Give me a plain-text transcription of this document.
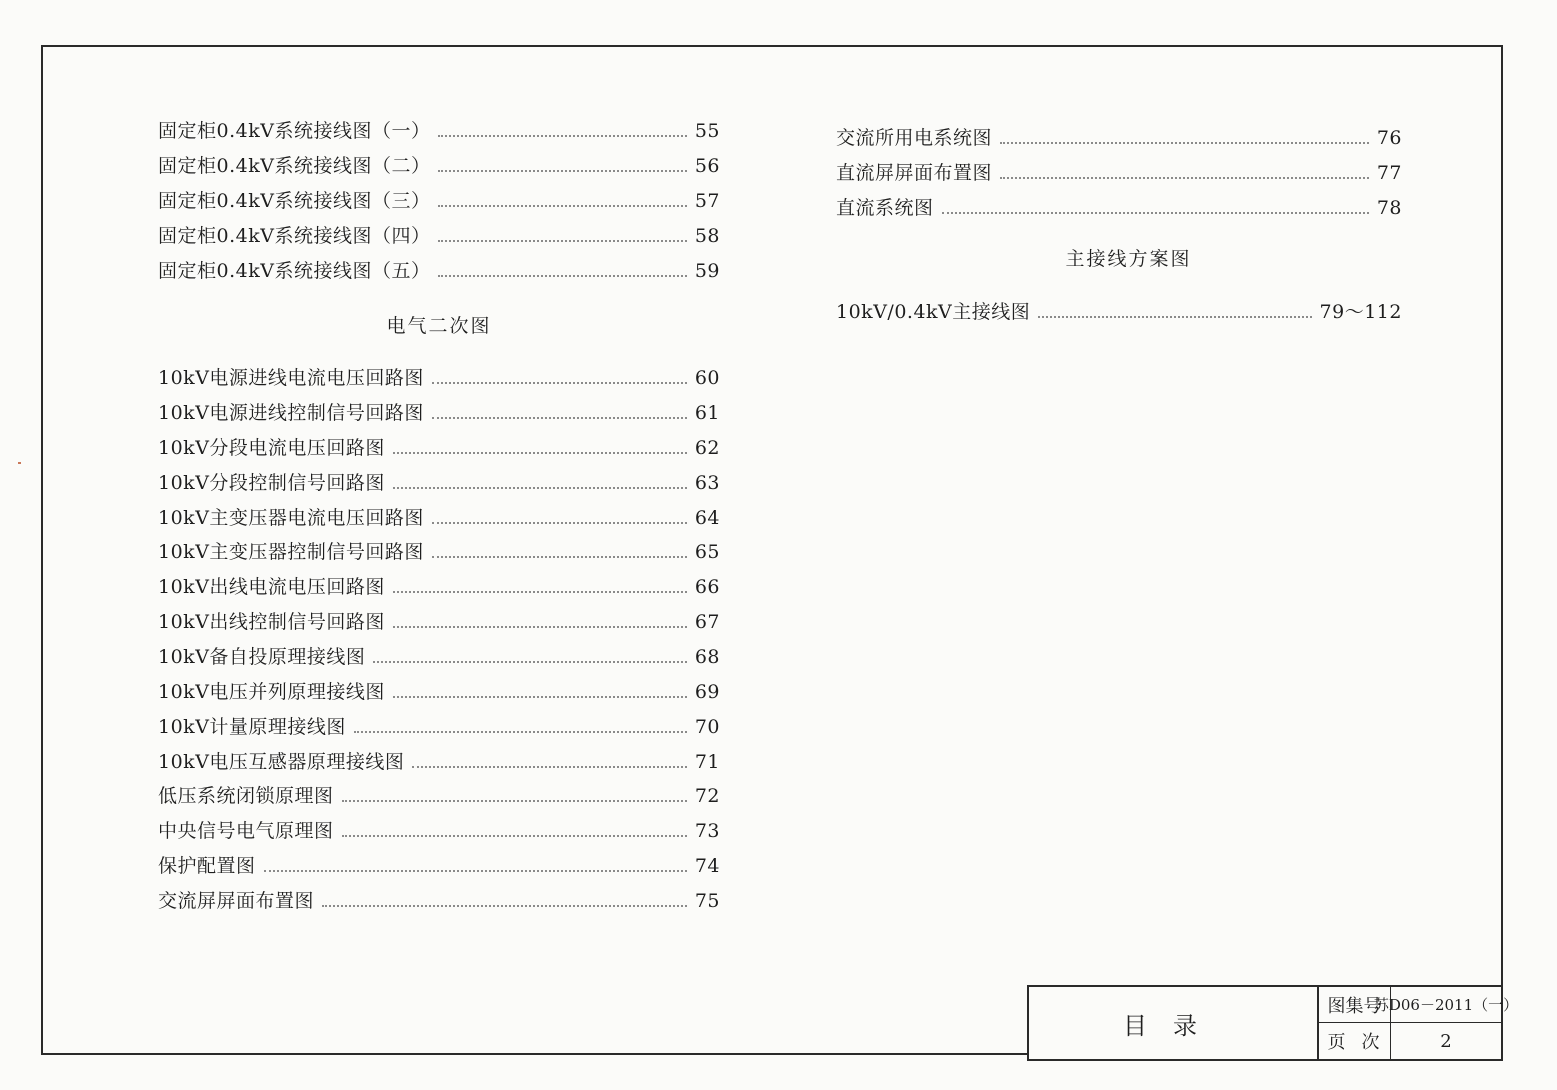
固定柜0.4kV系统接线图（一）	55
固定柜0.4kV系统接线图（二）	56
固定柜0.4kV系统接线图（三）	57
固定柜0.4kV系统接线图（四）	58
固定柜0.4kV系统接线图（五）	59
电气二次图
10kV电源进线电流电压回路图	60
10kV电源进线控制信号回路图	61
10kV分段电流电压回路图	62
10kV分段控制信号回路图	63
10kV主变压器电流电压回路图	64
10kV主变压器控制信号回路图	65
10kV出线电流电压回路图	66
10kV出线控制信号回路图	67
10kV备自投原理接线图	68
10kV电压并列原理接线图	69
10kV计量原理接线图	70
10kV电压互感器原理接线图	71
低压系统闭锁原理图	72
中央信号电气原理图	73
保护配置图	74
交流屏屏面布置图	75
交流所用电系统图	76
直流屏屏面布置图	77
直流系统图	78
主接线方案图
10kV/0.4kV主接线图	79～112
目录
图集号
苏D06－2011（一）
页次	2
